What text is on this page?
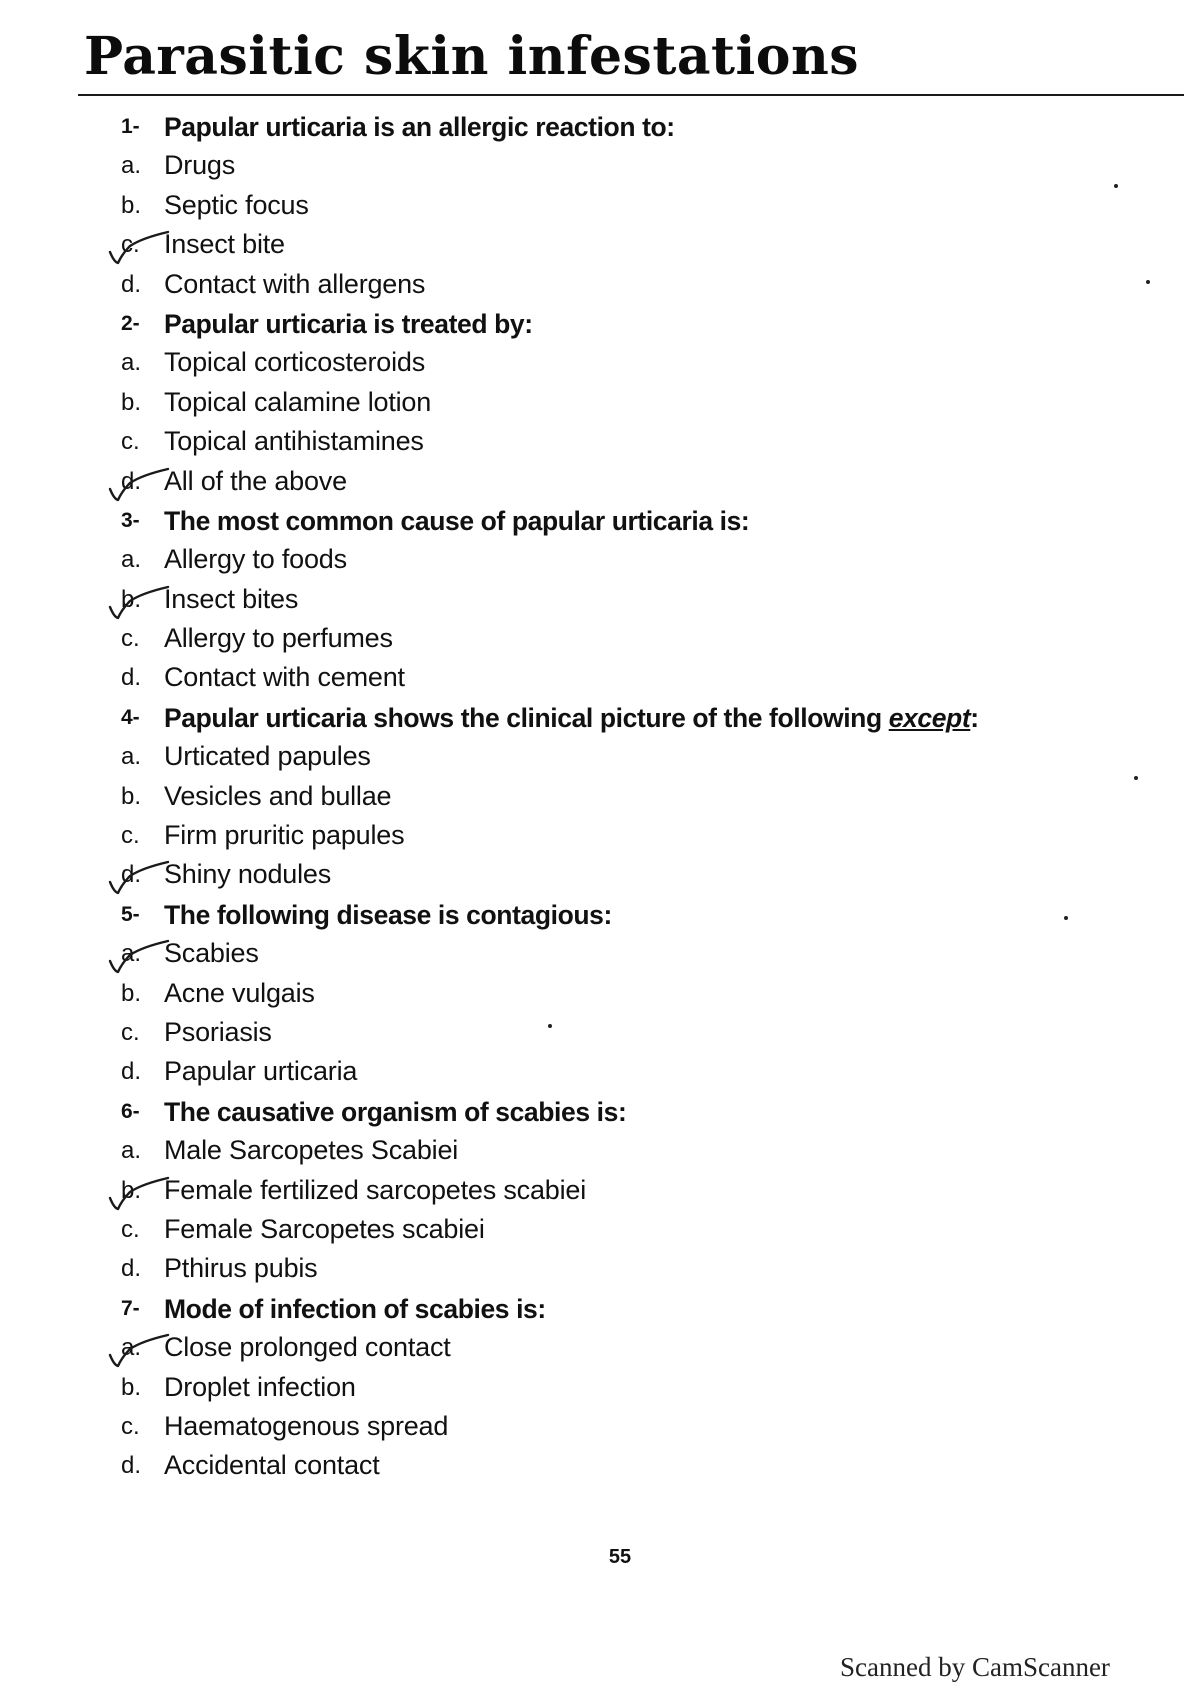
Parasitic skin infestations
1- Papular urticaria is an allergic reaction to:
a. Drugs
b. Septic focus
c. Insect bite
d. Contact with allergens
2- Papular urticaria is treated by:
a. Topical corticosteroids
b. Topical calamine lotion
c. Topical antihistamines
d. All of the above
3- The most common cause of papular urticaria is:
a. Allergy to foods
b. Insect bites
c. Allergy to perfumes
d. Contact with cement
4- Papular urticaria shows the clinical picture of the following except:
a. Urticated papules
b. Vesicles and bullae
c. Firm pruritic papules
d. Shiny nodules
5- The following disease is contagious:
a. Scabies
b. Acne vulgais
c. Psoriasis
d. Papular urticaria
6- The causative organism of scabies is:
a. Male Sarcopetes Scabiei
b. Female fertilized sarcopetes scabiei
c. Female Sarcopetes scabiei
d. Pthirus pubis
7- Mode of infection of scabies is:
a. Close prolonged contact
b. Droplet infection
c. Haematogenous spread
d. Accidental contact
55
Scanned by CamScanner
